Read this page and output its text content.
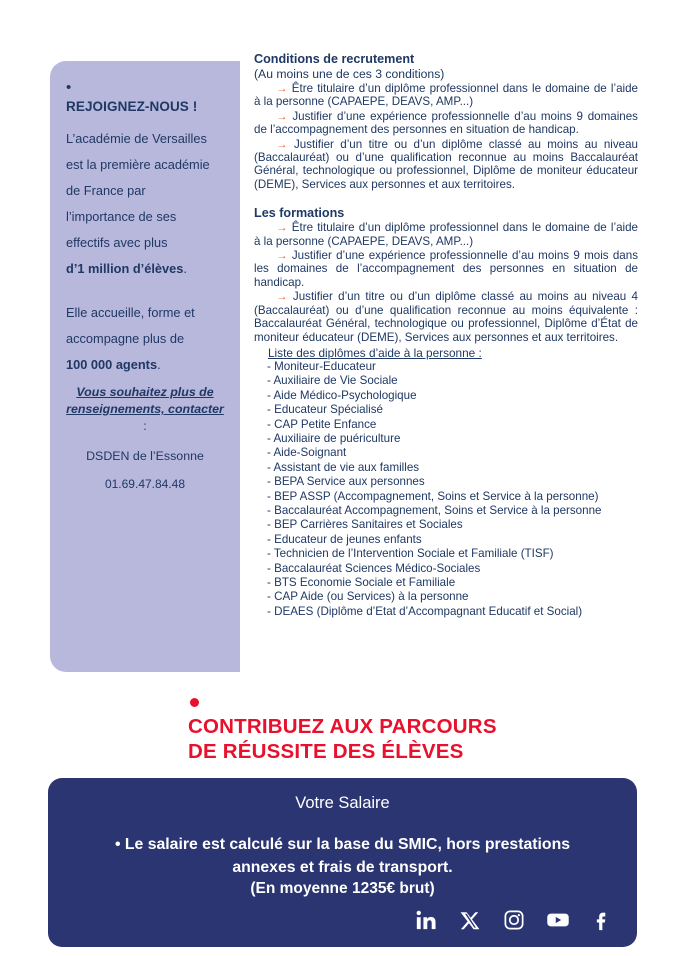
•
REJOIGNEZ-NOUS !
L’académie de Versailles
est la première académie
de France par
l’importance de ses
effectifs avec plus
d’1 million d’élèves.
Elle accueille, forme et
accompagne plus de
100 000 agents.
Vous souhaitez plus de
renseignements, contacter :
DSDEN de l’Essonne
01.69.47.84.48
Conditions de recrutement
(Au moins une de ces 3 conditions)
→ Être titulaire d’un diplôme professionnel dans le domaine de l’aide à la personne (CAPAEPE, DEAVS, AMP...)
→ Justifier d’une expérience professionnelle d’au moins 9 domaines de l’accompagnement des personnes en situation de handicap.
→ Justifier d’un titre ou d’un diplôme classé au moins au niveau (Baccalauréat) ou d’une qualification reconnue au moins Baccalauréat Général, technologique ou professionnel, Diplôme de moniteur éducateur (DEME), Services aux personnes et aux territoires.
Les formations
→ Être titulaire d’un diplôme professionnel dans le domaine de l’aide à la personne (CAPAEPE, DEAVS, AMP...)
→ Justifier d’une expérience professionnelle d’au moins 9 mois dans les domaines de l’accompagnement des personnes en situation de handicap.
→ Justifier d’un titre ou d’un diplôme classé au moins au niveau 4 (Baccalauréat) ou d’une qualification reconnue au moins équivalente : Baccalauréat Général, technologique ou professionnel, Diplôme d’État de moniteur éducateur (DEME), Services aux personnes et aux territoires.
Liste des diplômes d’aide à la personne :
- Moniteur-Educateur
- Auxiliaire de Vie Sociale
- Aide Médico-Psychologique
- Educateur Spécialisé
- CAP Petite Enfance
- Auxiliaire de puériculture
- Aide-Soignant
- Assistant de vie aux familles
- BEPA Service aux personnes
- BEP ASSP (Accompagnement, Soins et Service à la personne)
- Baccalauréat Accompagnement, Soins et Service à la personne
- BEP Carrières Sanitaires et Sociales
- Educateur de jeunes enfants
- Technicien de l’Intervention Sociale et Familiale (TISF)
- Baccalauréat Sciences Médico-Sociales
- BTS Economie Sociale et Familiale
- CAP Aide (ou Services) à la personne
- DEAES (Diplôme d’Etat d’Accompagnant Educatif et Social)
CONTRIBUEZ AUX PARCOURS
DE RÉUSSITE DES ÉLÈVES
Votre Salaire
• Le salaire est calculé sur la base du SMIC, hors prestations
annexes et frais de transport.
(En moyenne 1235€ brut)
